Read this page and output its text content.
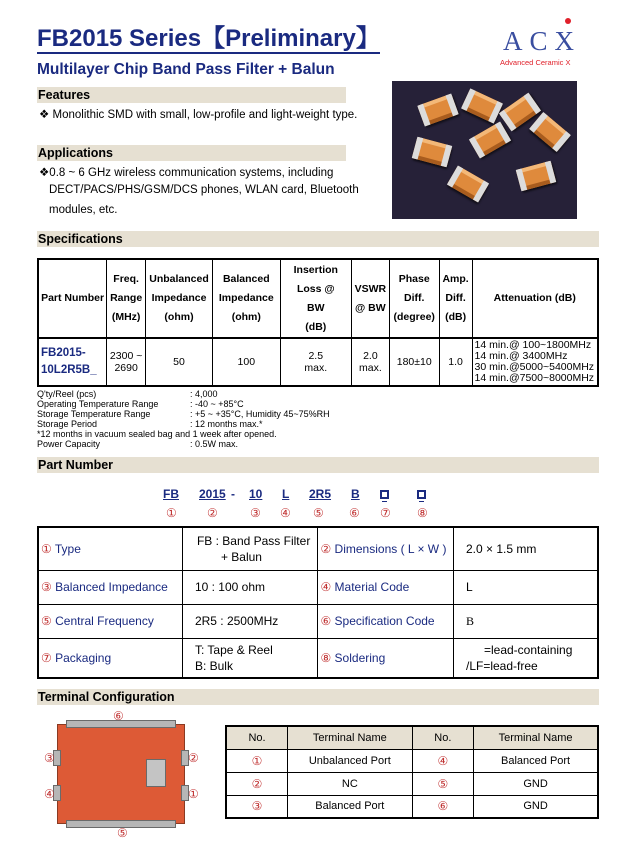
FB2015 Series【Preliminary】
Multilayer Chip Band Pass Filter + Balun
ACX
Advanced Ceramic X
Features
❖ Monolithic SMD with small, low-profile and light-weight type.
Applications
❖0.8 ~ 6 GHz wireless communication systems, including
DECT/PACS/PHS/GSM/DCS phones, WLAN card, Bluetooth
modules, etc.
Specifications
Part Number	Freq.
Range
(MHz)	Unbalanced
Impedance
(ohm)	Balanced
Impedance
(ohm)	Insertion
Loss @
BW
(dB)	VSWR
@ BW	Phase
Diff.
(degree)	Amp.
Diff.
(dB)	Attenuation (dB)
FB2015-
10L2R5B_	2300 ~
2690	50	100	2.5
max.	2.0
max.	180±10	1.0	14 min.@ 100~1800MHz
14 min.@ 3400MHz
30 min.@5000~5400MHz
14 min.@7500~8000MHz
Q'ty/Reel (pcs)	: 4,000
Operating Temperature Range	: -40 ~ +85°C
Storage Temperature Range	: +5 ~ +35°C, Humidity 45~75%RH
Storage Period	: 12 months max.*
*12 months in vacuum sealed bag and 1 week after opened.
Power Capacity	: 0.5W max.
Part Number
FB 2015 - 10 L 2R5 B
①	②	③ ④ ⑤ ⑥ ⑦ ⑧
① Type	FB : Band Pass Filter
+ Balun	② Dimensions ( L × W )	2.0 × 1.5 mm
③ Balanced Impedance	10 : 100 ohm	④ Material Code	L
⑤ Central Frequency	2R5 : 2500MHz	⑥ Specification Code	B
⑦ Packaging	T: Tape & Reel
B: Bulk	⑧ Soldering	=lead-containing
/LF=lead-free
Terminal Configuration
⑥
③
④
②
①
⑤
No.	Terminal Name	No.	Terminal Name
①	Unbalanced Port	④	Balanced Port
②	NC	⑤	GND
③	Balanced Port	⑥	GND
